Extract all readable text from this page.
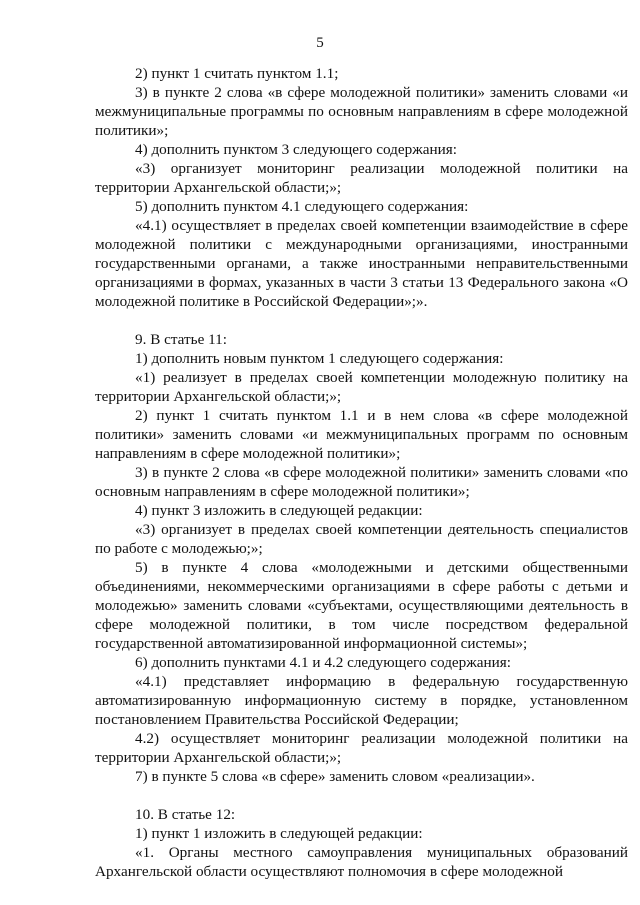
5

2) пункт 1 считать пунктом 1.1;

3) в пункте 2 слова «в сфере молодежной политики» заменить словами «и межмуниципальные программы по основным направлениям в сфере молодежной политики»;

4) дополнить пунктом 3 следующего содержания:

«3) организует мониторинг реализации молодежной политики на территории Архангельской области;»;

5) дополнить пунктом 4.1 следующего содержания:

«4.1) осуществляет в пределах своей компетенции взаимодействие в сфере молодежной политики с международными организациями, иностранными государственными органами, а также иностранными неправительственными организациями в формах, указанных в части 3 статьи 13 Федерального закона «О молодежной политике в Российской Федерации»;».

9. В статье 11:

1) дополнить новым пунктом 1 следующего содержания:

«1) реализует в пределах своей компетенции молодежную политику на территории Архангельской области;»;

2) пункт 1 считать пунктом 1.1 и в нем слова «в сфере молодежной политики» заменить словами «и межмуниципальных программ по основным направлениям в сфере молодежной политики»;

3) в пункте 2 слова «в сфере молодежной политики» заменить словами «по основным направлениям в сфере молодежной политики»;

4) пункт 3 изложить в следующей редакции:

«3) организует в пределах своей компетенции деятельность специалистов по работе с молодежью;»;

5) в пункте 4 слова «молодежными и детскими общественными объединениями, некоммерческими организациями в сфере работы с детьми и молодежью» заменить словами «субъектами, осуществляющими деятельность в сфере молодежной политики, в том числе посредством федеральной государственной автоматизированной информационной системы»;

6) дополнить пунктами 4.1 и 4.2 следующего содержания:

«4.1) представляет информацию в федеральную государственную автоматизированную информационную систему в порядке, установленном постановлением Правительства Российской Федерации;

4.2) осуществляет мониторинг реализации молодежной политики на территории Архангельской области;»;

7) в пункте 5 слова «в сфере» заменить словом «реализации».

10. В статье 12:

1) пункт 1 изложить в следующей редакции:

«1. Органы местного самоуправления муниципальных образований Архангельской области осуществляют полномочия в сфере молодежной
